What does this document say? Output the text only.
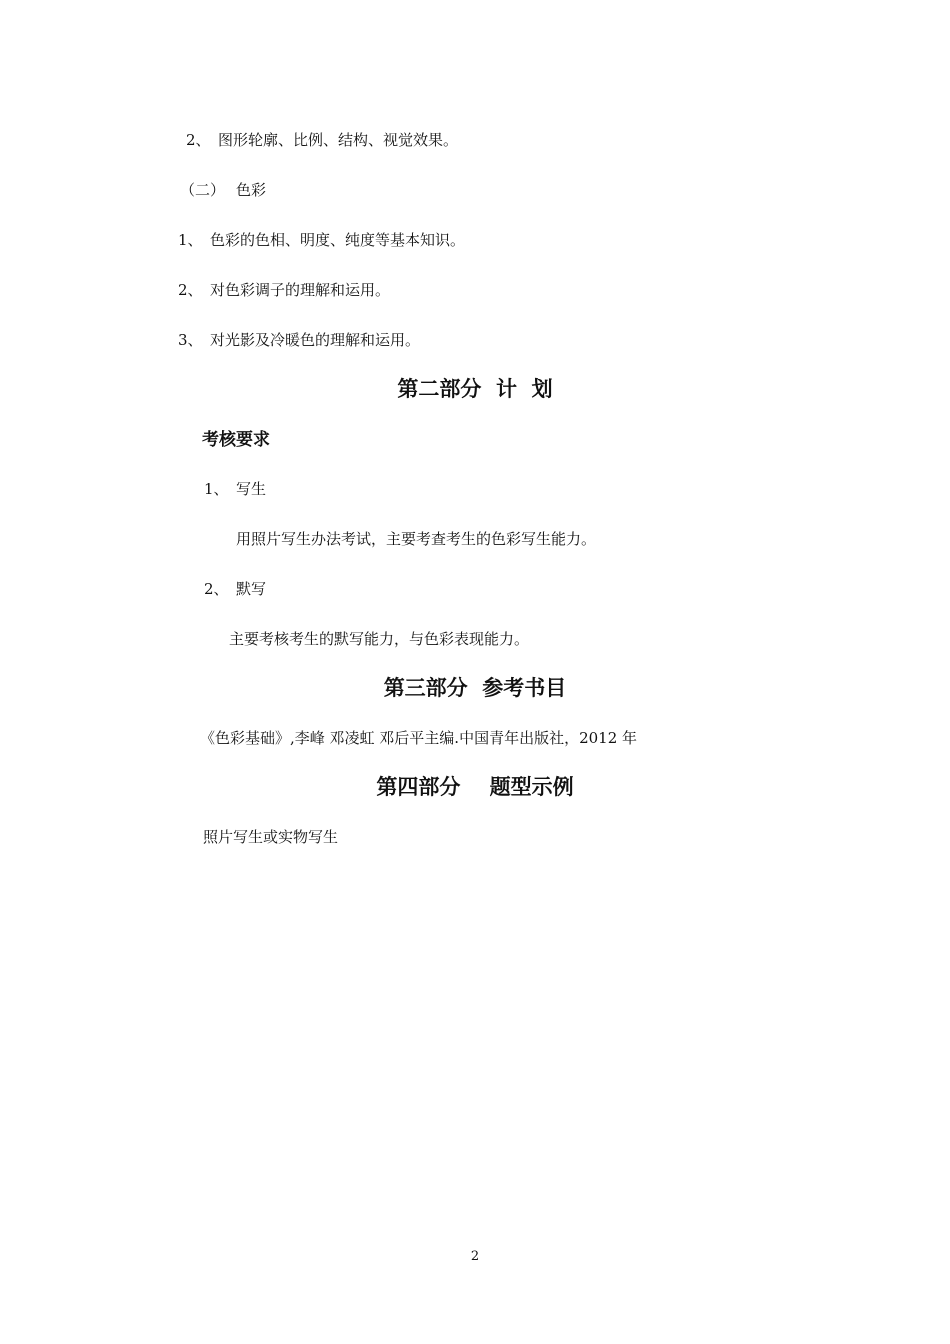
2、 图形轮廓、比例、结构、视觉效果。
（二） 色彩
1、 色彩的色相、明度、纯度等基本知识。
2、 对色彩调子的理解和运用。
3、 对光影及冷暖色的理解和运用。
第二部分  计  划
考核要求
1、 写生
用照片写生办法考试，主要考查考生的色彩写生能力。
2、 默写
主要考核考生的默写能力，与色彩表现能力。
第三部分  参考书目
《色彩基础》,李峰 邓凌虹 邓后平主编.中国青年出版社，2012 年
第四部分    题型示例
照片写生或实物写生
2
